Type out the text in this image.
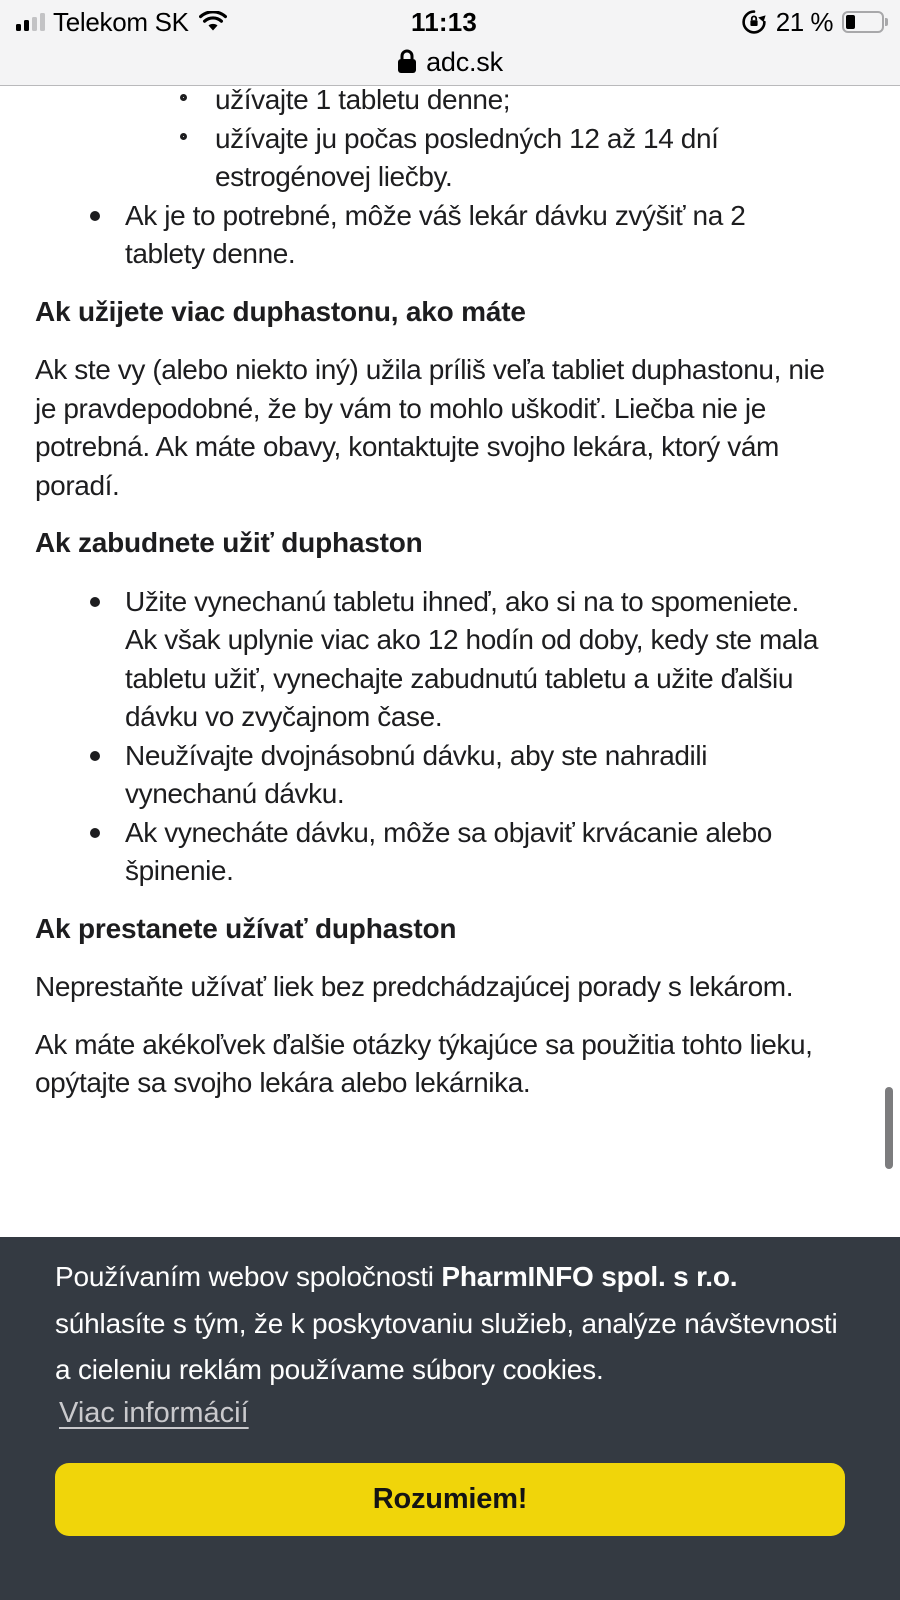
Telekom SK	11:13	21 %
adc.sk
užívajte 1 tabletu denne;
užívajte ju počas posledných 12 až 14 dní estrogénovej liečby.
Ak je to potrebné, môže váš lekár dávku zvýšiť na 2 tablety denne.
Ak užijete viac duphastonu, ako máte

Ak ste vy (alebo niekto iný) užila príliš veľa tabliet duphastonu, nie je pravdepodobné, že by vám to mohlo uškodiť. Liečba nie je potrebná. Ak máte obavy, kontaktujte svojho lekára, ktorý vám poradí.

Ak zabudnete užiť duphaston
Užite vynechanú tabletu ihneď, ako si na to spomeniete. Ak však uplynie viac ako 12 hodín od doby, kedy ste mala tabletu užiť, vynechajte zabudnutú tabletu a užite ďalšiu dávku vo zvyčajnom čase.
Neužívajte dvojnásobnú dávku, aby ste nahradili vynechanú dávku.
Ak vynecháte dávku, môže sa objaviť krvácanie alebo špinenie.
Ak prestanete užívať duphaston

Neprestaňte užívať liek bez predchádzajúcej porady s lekárom.

Ak máte akékoľvek ďalšie otázky týkajúce sa použitia tohto lieku, opýtajte sa svojho lekára alebo lekárnika.

Používaním webov spoločnosti PharmINFO spol. s r.o. súhlasíte s tým, že k poskytovaniu služieb, analýze návštevnosti a cieleniu reklám používame súbory cookies.
Viac informácií
Rozumiem!
